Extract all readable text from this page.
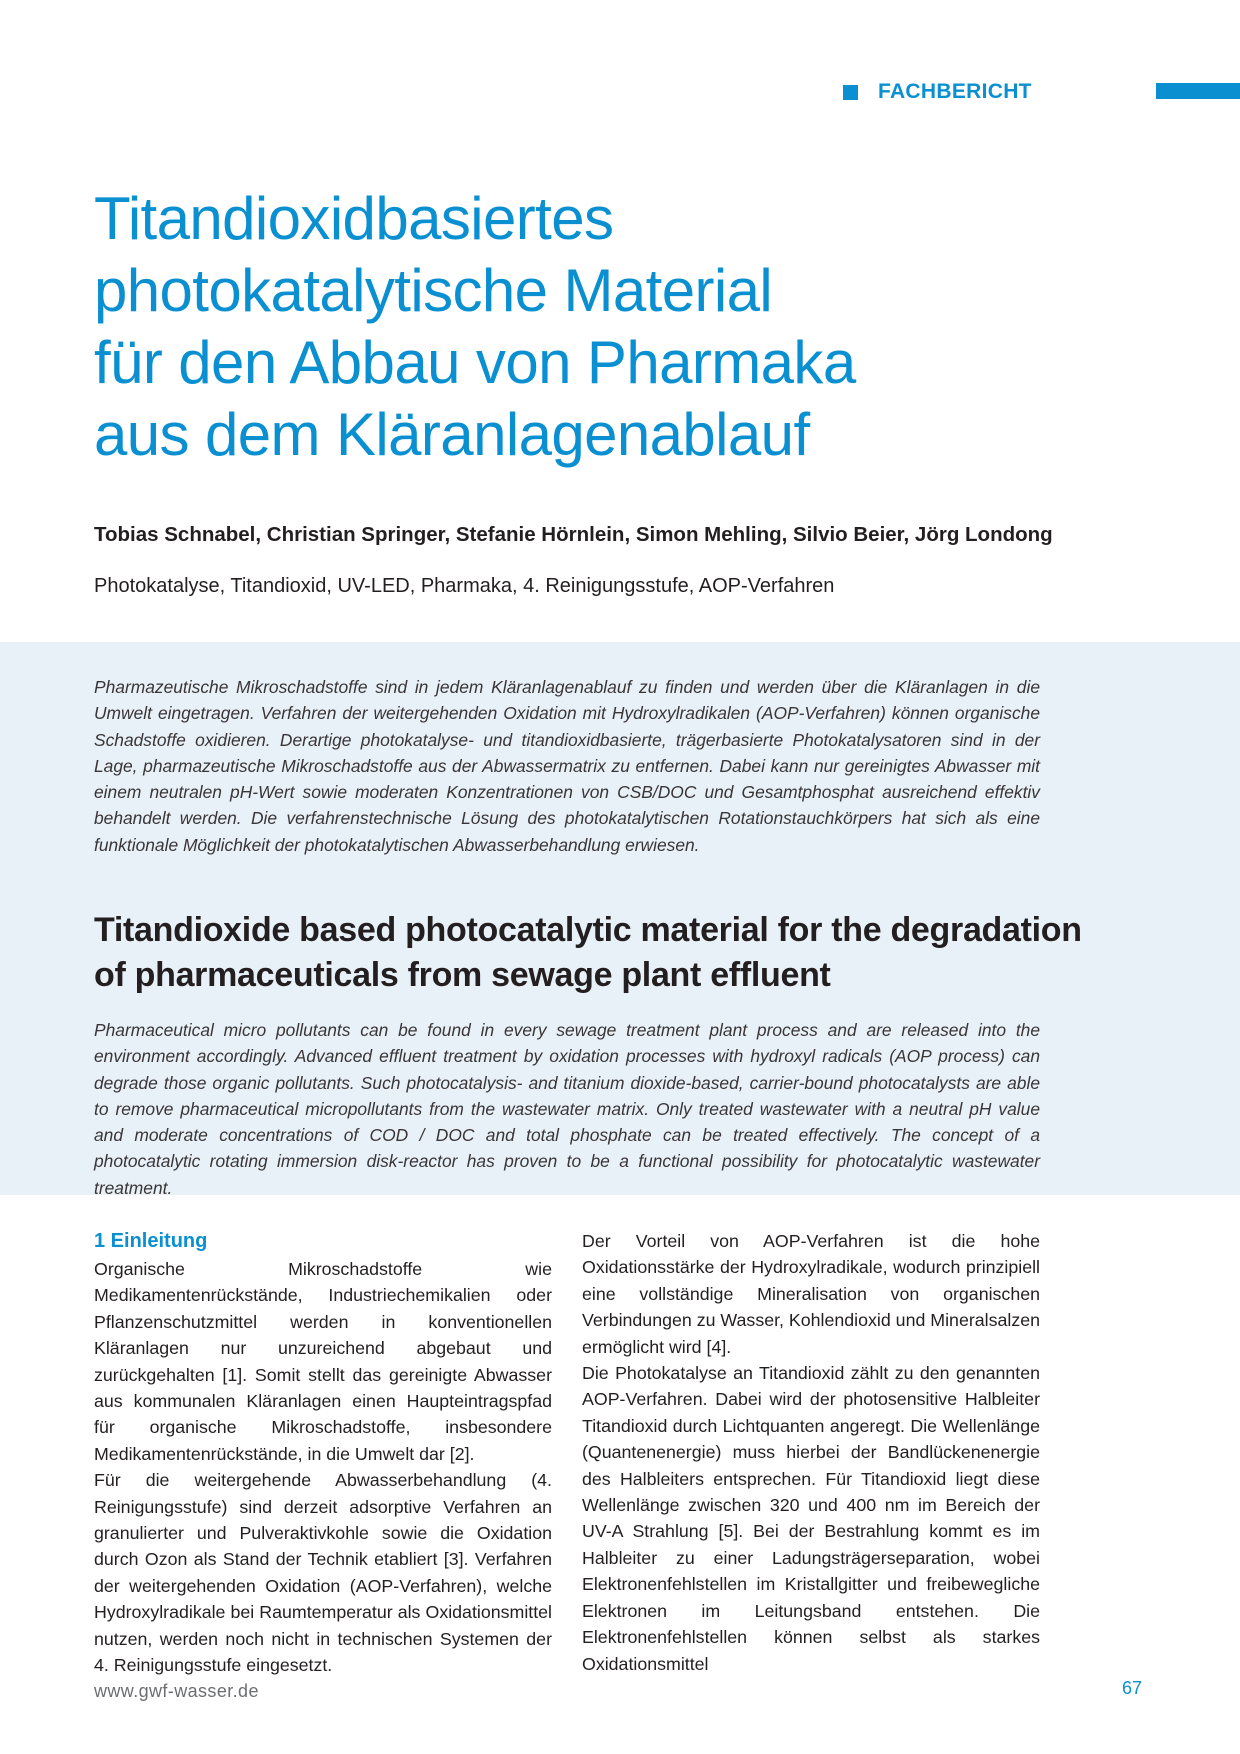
FACHBERICHT
Titandioxidbasiertes
photokatalytische Material
für den Abbau von Pharmaka
aus dem Kläranlagenablauf
Tobias Schnabel, Christian Springer, Stefanie Hörnlein, Simon Mehling, Silvio Beier, Jörg Londong
Photokatalyse, Titandioxid, UV-LED, Pharmaka, 4. Reinigungsstufe, AOP-Verfahren

Pharmazeutische Mikroschadstoffe sind in jedem Kläranlagenablauf zu finden und werden über die Kläranlagen in die Umwelt eingetragen. Verfahren der weitergehenden Oxidation mit Hydroxylradikalen (AOP-Verfahren) können organische Schadstoffe oxidieren. Derartige photokatalyse- und titandioxidbasierte, trägerbasierte Photokatalysatoren sind in der Lage, pharmazeutische Mikroschadstoffe aus der Abwassermatrix zu entfernen. Dabei kann nur gereinigtes Abwasser mit einem neutralen pH-Wert sowie moderaten Konzentrationen von CSB/DOC und Gesamtphosphat ausreichend effektiv behandelt werden. Die verfahrenstechnische Lösung des photokatalytischen Rotationstauchkörpers hat sich als eine funktionale Möglichkeit der photokatalytischen Abwasserbehandlung erwiesen.

Titandioxide based photocatalytic material for the degradation
of pharmaceuticals from sewage plant effluent

Pharmaceutical micro pollutants can be found in every sewage treatment plant process and are released into the environment accordingly. Advanced effluent treatment by oxidation processes with hydroxyl radicals (AOP process) can degrade those organic pollutants. Such photocatalysis- and titanium dioxide-based, carrier-bound photocatalysts are able to remove pharmaceutical micropollutants from the wastewater matrix. Only treated wastewater with a neutral pH value and moderate concentrations of COD / DOC and total phosphate can be treated effectively. The concept of a photocatalytic rotating immersion disk-reactor has proven to be a functional possibility for photocatalytic wastewater treatment.

1 Einleitung

Organische Mikroschadstoffe wie Medikamentenrückstände, Industriechemikalien oder Pflanzenschutzmittel werden in konventionellen Kläranlagen nur unzureichend abgebaut und zurückgehalten [1]. Somit stellt das gereinigte Abwasser aus kommunalen Kläranlagen einen Haupteintragspfad für organische Mikroschadstoffe, insbesondere Medikamentenrückstände, in die Umwelt dar [2].

Für die weitergehende Abwasserbehandlung (4. Reinigungsstufe) sind derzeit adsorptive Verfahren an granulierter und Pulveraktivkohle sowie die Oxidation durch Ozon als Stand der Technik etabliert [3]. Verfahren der weitergehenden Oxidation (AOP-Verfahren), welche Hydroxylradikale bei Raumtemperatur als Oxidationsmittel nutzen, werden noch nicht in technischen Systemen der 4. Reinigungsstufe eingesetzt.

Der Vorteil von AOP-Verfahren ist die hohe Oxidationsstärke der Hydroxylradikale, wodurch prinzipiell eine vollständige Mineralisation von organischen Verbindungen zu Wasser, Kohlendioxid und Mineralsalzen ermöglicht wird [4].

Die Photokatalyse an Titandioxid zählt zu den genannten AOP-Verfahren. Dabei wird der photosensitive Halbleiter Titandioxid durch Lichtquanten angeregt. Die Wellenlänge (Quantenenergie) muss hierbei der Bandlückenenergie des Halbleiters entsprechen. Für Titandioxid liegt diese Wellenlänge zwischen 320 und 400 nm im Bereich der UV-A Strahlung [5]. Bei der Bestrahlung kommt es im Halbleiter zu einer Ladungsträgerseparation, wobei Elektronenfehlstellen im Kristallgitter und freibewegliche Elektronen im Leitungsband entstehen. Die Elektronenfehlstellen können selbst als starkes Oxidationsmittel

www.gwf-wasser.de	67
